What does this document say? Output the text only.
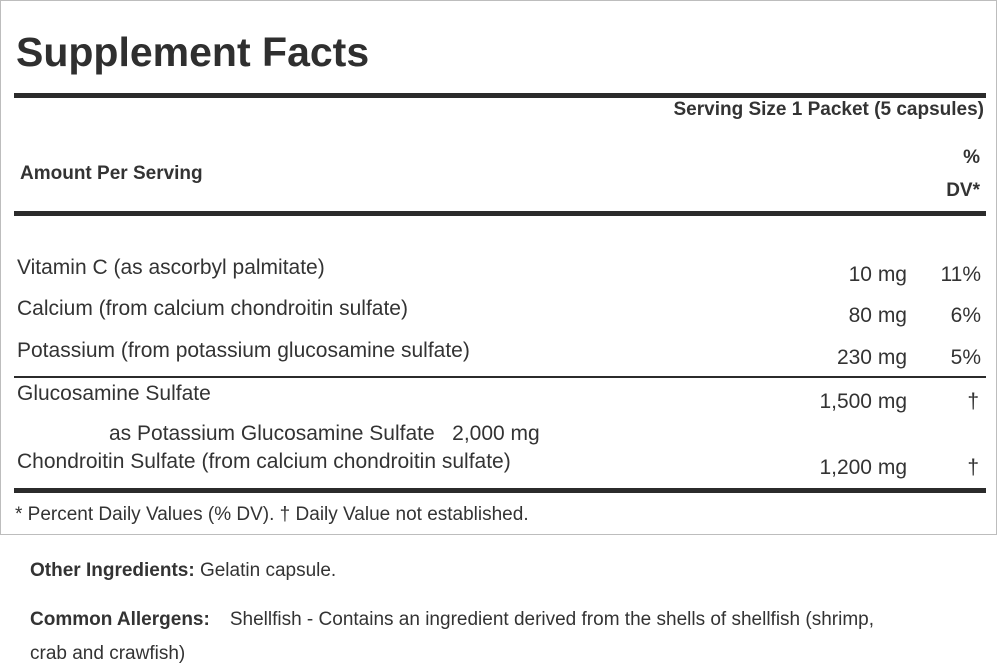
Supplement Facts
Serving Size 1 Packet (5 capsules)
Amount Per Serving
%
DV*
Vitamin C (as ascorbyl palmitate)	10 mg 11%
Calcium (from calcium chondroitin sulfate)	80 mg 6%
Potassium (from potassium glucosamine sulfate)	230 mg 5%
Glucosamine Sulfate	1,500 mg	†
as Potassium Glucosamine Sulfate   2,000 mg
Chondroitin Sulfate (from calcium chondroitin sulfate)	1,200 mg	†
* Percent Daily Values (% DV). † Daily Value not established.
Other Ingredients: Gelatin capsule.
Common Allergens: Shellfish - Contains an ingredient derived from the shells of shellfish (shrimp,
crab and crawfish)
